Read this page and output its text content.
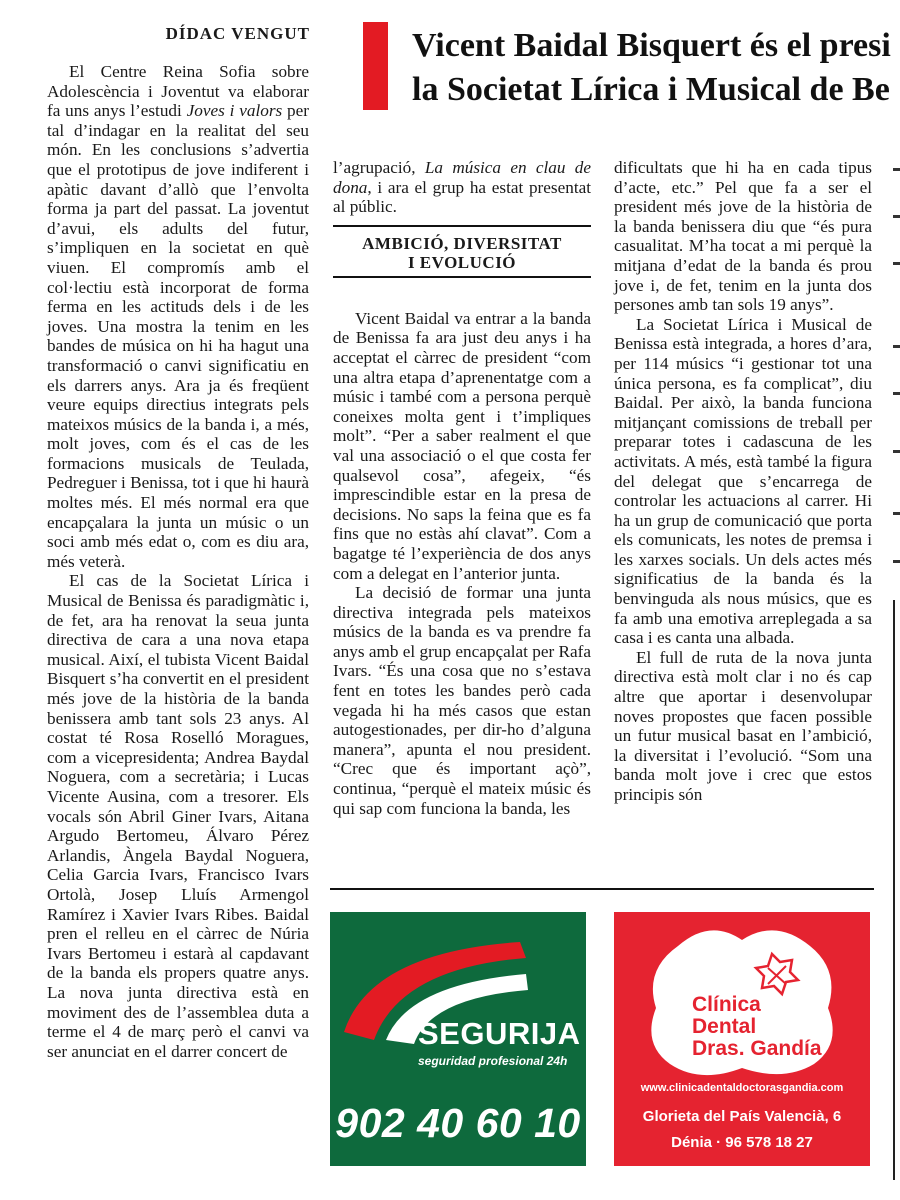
DÍDAC VENGUT

El Centre Reina Sofia sobre Adolescència i Joventut va elaborar fa uns anys l’estudi Joves i valors per tal d’indagar en la realitat del seu món. En les conclusions s’advertia que el prototipus de jove indiferent i apàtic davant d’allò que l’envolta forma ja part del passat. La joventut d’avui, els adults del futur, s’impliquen en la societat en què viuen. El compromís amb el col·lectiu està incorporat de forma ferma en les actituds dels i de les joves. Una mostra la tenim en les bandes de música on hi ha hagut una transformació o canvi significatiu en els darrers anys. Ara ja és freqüent veure equips directius integrats pels mateixos músics de la banda i, a més, molt joves, com és el cas de les formacions musicals de Teulada, Pedreguer i Benissa, tot i que hi haurà moltes més. El més normal era que encapçalara la junta un músic o un soci amb més edat o, com es diu ara, més veterà.

El cas de la Societat Lírica i Musical de Benissa és paradigmàtic i, de fet, ara ha renovat la seua junta directiva de cara a una nova etapa musical. Així, el tubista Vicent Baidal Bisquert s’ha convertit en el president més jove de la història de la banda benissera amb tant sols 23 anys. Al costat té Rosa Roselló Moragues, com a vicepresidenta; Andrea Baydal Noguera, com a secretària; i Lucas Vicente Ausina, com a tresorer. Els vocals són Abril Giner Ivars, Aitana Argudo Bertomeu, Álvaro Pérez Arlandis, Àngela Baydal Noguera, Celia Garcia Ivars, Francisco Ivars Ortolà, Josep Lluís Armengol Ramírez i Xavier Ivars Ribes. Baidal pren el relleu en el càrrec de Núria Ivars Bertomeu i estarà al capdavant de la banda els propers quatre anys. La nova junta directiva està en moviment des de l’assemblea duta a terme el 4 de març però el canvi va ser anunciat en el darrer concert de

Vicent Baidal Bisquert és el presi
la Societat Lírica i Musical de Be

l’agrupació, La música en clau de dona, i ara el grup ha estat presentat al públic.

Vicent Baidal va entrar a la banda de Benissa fa ara just deu anys i ha acceptat el càrrec de president “com una altra etapa d’aprenentatge com a músic i també com a persona perquè coneixes molta gent i t’impliques molt”. “Per a saber realment el que val una associació o el que costa fer qualsevol cosa”, afegeix, “és imprescindible estar en la presa de decisions. No saps la feina que es fa fins que no estàs ahí clavat”. Com a bagatge té l’experiència de dos anys com a delegat en l’anterior junta.

La decisió de formar una junta directiva integrada pels mateixos músics de la banda es va prendre fa anys amb el grup encapçalat per Rafa Ivars. “És una cosa que no s’estava fent en totes les bandes però cada vegada hi ha més casos que estan autogestionades, per dir-ho d’alguna manera”, apunta el nou president. “Crec que és important açò”, continua, “perquè el mateix músic és qui sap com funciona la banda, les

AMBICIÓ, DIVERSITAT
I EVOLUCIÓ

dificultats que hi ha en cada tipus d’acte, etc.” Pel que fa a ser el president més jove de la història de la banda benissera diu que “és pura casualitat. M’ha tocat a mi perquè la mitjana d’edat de la banda és prou jove i, de fet, tenim en la junta dos persones amb tan sols 19 anys”.

La Societat Lírica i Musical de Benissa està integrada, a hores d’ara, per 114 músics “i gestionar tot una única persona, es fa complicat”, diu Baidal. Per això, la banda funciona mitjançant comissions de treball per preparar totes i cadascuna de les activitats. A més, està també la figura del delegat que s’encarrega de controlar les actuacions al carrer. Hi ha un grup de comunicació que porta els comunicats, les notes de premsa i les xarxes socials. Un dels actes més significatius de la banda és la benvinguda als nous músics, que es fa amb una emotiva arreplegada a sa casa i es canta una albada.

El full de ruta de la nova junta directiva està molt clar i no és cap altre que aportar i desenvolupar noves propostes que facen possible un futur musical basat en l’ambició, la diversitat i l’evolució. “Som una banda molt jove i crec que estos principis són

SEGURIJA
seguridad profesional 24h
902 40 60 10
Clínica
Dental
Dras. Gandía
www.clinicadentaldoctorasgandia.com
Glorieta del País Valencià, 6
Dénia · 96 578 18 27
